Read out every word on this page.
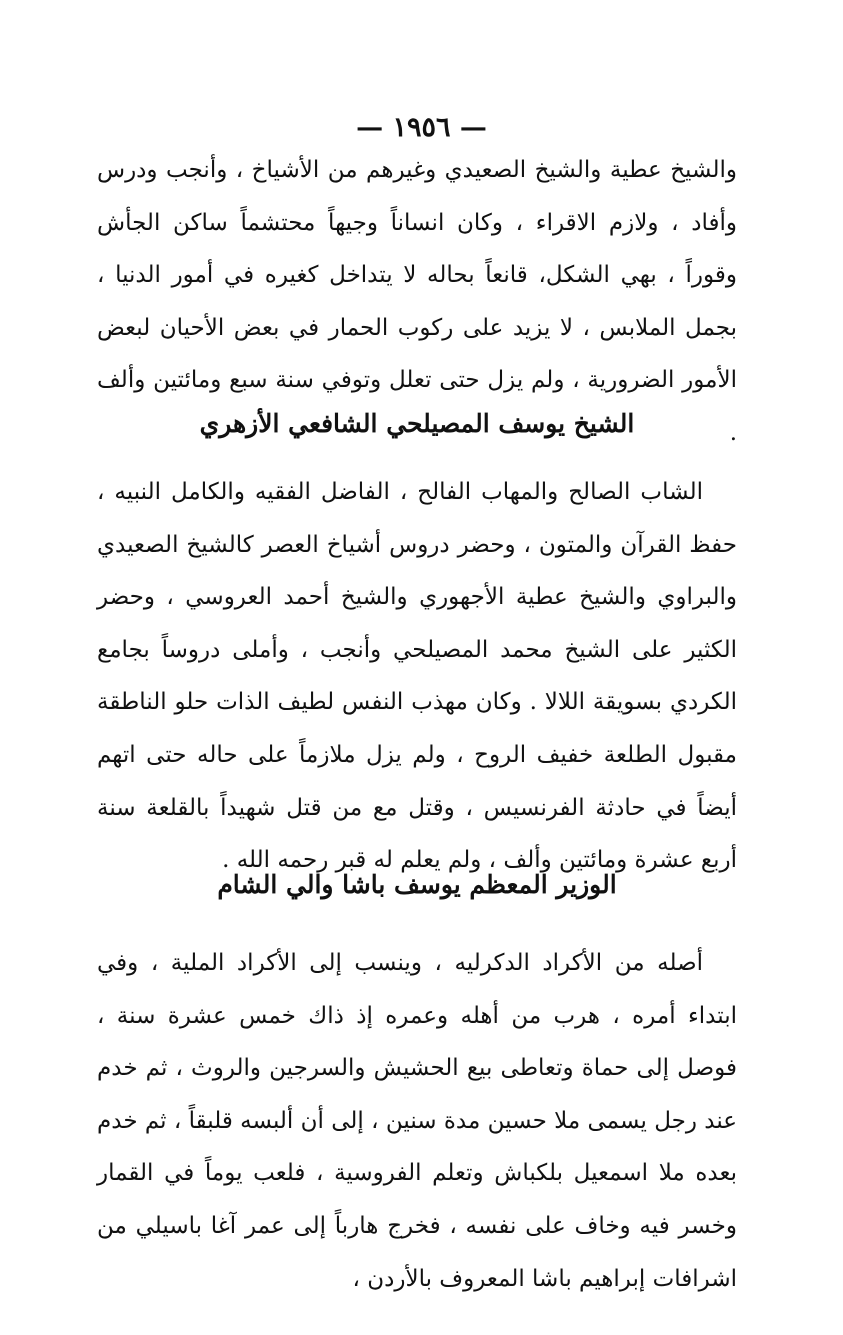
— ١٩٥٦ —

والشيخ عطية والشيخ الصعيدي وغيرهم من الأشياخ ، وأنجب ودرس وأفاد ، ولازم الاقراء ، وكان انساناً وجيهاً محتشماً ساكن الجأش وقوراً ، بهي الشكل، قانعاً بحاله لا يتداخل كغيره في أمور الدنيا ، بجمل الملابس ، لا يزيد على ركوب الحمار في بعض الأحيان لبعض الأمور الضرورية ، ولم يزل حتى تعلل وتوفي سنة سبع ومائتين وألف .

الشيخ يوسف المصيلحي الشافعي الأزهري

الشاب الصالح والمهاب الفالح ، الفاضل الفقيه والكامل النبيه ، حفظ القرآن والمتون ، وحضر دروس أشياخ العصر كالشيخ الصعيدي والبراوي والشيخ عطية الأجهوري والشيخ أحمد العروسي ، وحضر الكثير على الشيخ محمد المصيلحي وأنجب ، وأملى دروساً بجامع الكردي بسويقة اللالا . وكان مهذب النفس لطيف الذات حلو الناطقة مقبول الطلعة خفيف الروح ، ولم يزل ملازماً على حاله حتى اتهم أيضاً في حادثة الفرنسيس ، وقتل مع من قتل شهيداً بالقلعة سنة أربع عشرة ومائتين وألف ، ولم يعلم له قبر رحمه الله .

الوزير المعظم يوسف باشا والي الشام

أصله من الأكراد الدكرليه ، وينسب إلى الأكراد الملية ، وفي ابتداء أمره ، هرب من أهله وعمره إذ ذاك خمس عشرة سنة ، فوصل إلى حماة وتعاطى بيع الحشيش والسرجين والروث ، ثم خدم عند رجل يسمى ملا حسين مدة سنين ، إلى أن ألبسه قلبقاً ، ثم خدم بعده ملا اسمعيل بلكباش وتعلم الفروسية ، فلعب يوماً في القمار وخسر فيه وخاف على نفسه ، فخرج هارباً إلى عمر آغا باسيلي من اشرافات إبراهيم باشا المعروف بالأردن ،
